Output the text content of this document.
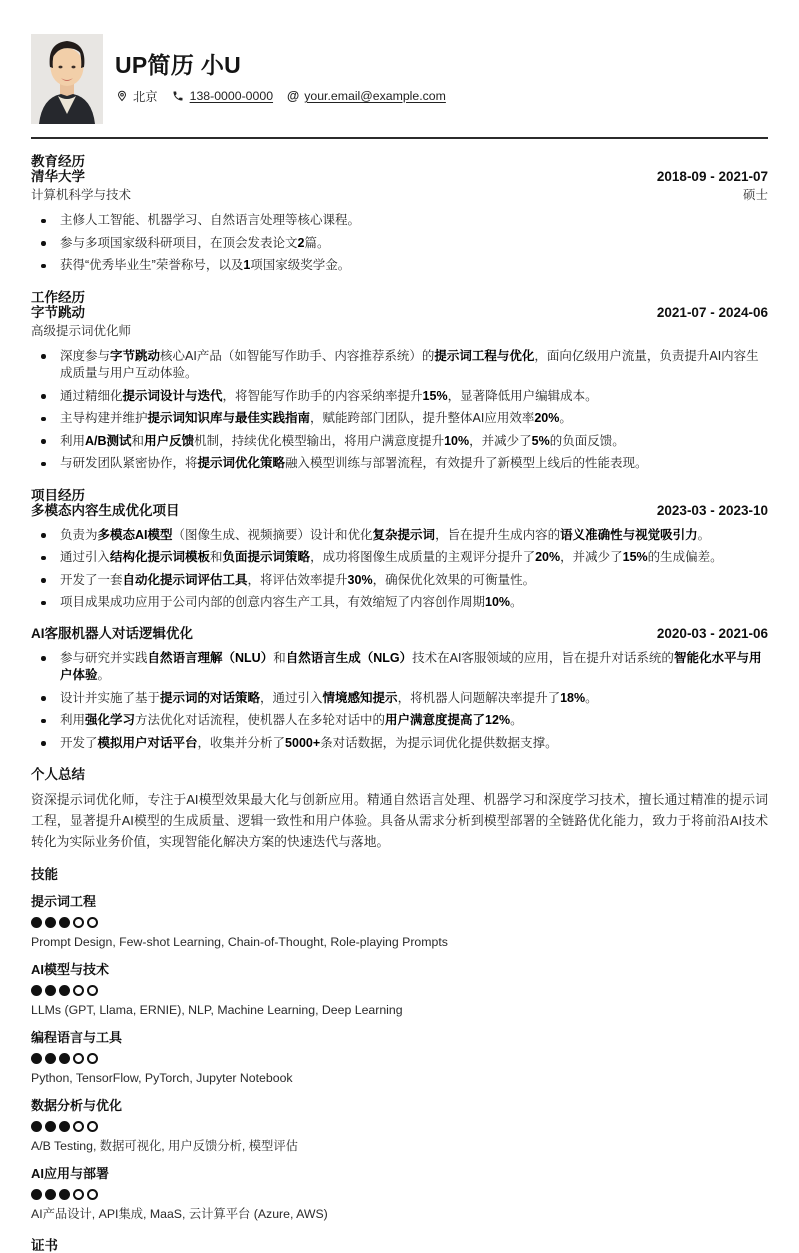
UP简历 小U
北京	138-0000-0000 @ your.email@example.com
教育经历
清华大学	2018-09 - 2021-07
计算机科学与技术	硕士
主修人工智能、机器学习、自然语言处理等核心课程。
参与多项国家级科研项目，在顶会发表论文2篇。
获得“优秀毕业生”荣誉称号，以及1项国家级奖学金。
工作经历
字节跳动	2021-07 - 2024-06
高级提示词优化师
深度参与字节跳动核心AI产品（如智能写作助手、内容推荐系统）的提示词工程与优化，面向亿级用户流量，负责提升AI内容生成质量与用户互动体验。
通过精细化提示词设计与迭代，将智能写作助手的内容采纳率提升15%，显著降低用户编辑成本。
主导构建并维护提示词知识库与最佳实践指南，赋能跨部门团队，提升整体AI应用效率20%。
利用A/B测试和用户反馈机制，持续优化模型输出，将用户满意度提升10%，并减少了5%的负面反馈。
与研发团队紧密协作，将提示词优化策略融入模型训练与部署流程，有效提升了新模型上线后的性能表现。
项目经历
多模态内容生成优化项目	2023-03 - 2023-10
负责为多模态AI模型（图像生成、视频摘要）设计和优化复杂提示词，旨在提升生成内容的语义准确性与视觉吸引力。
通过引入结构化提示词模板和负面提示词策略，成功将图像生成质量的主观评分提升了20%，并减少了15%的生成偏差。
开发了一套自动化提示词评估工具，将评估效率提升30%，确保优化效果的可衡量性。
项目成果成功应用于公司内部的创意内容生产工具，有效缩短了内容创作周期10%。
AI客服机器人对话逻辑优化	2020-03 - 2021-06
参与研究并实践自然语言理解（NLU）和自然语言生成（NLG）技术在AI客服领域的应用，旨在提升对话系统的智能化水平与用户体验。
设计并实施了基于提示词的对话策略，通过引入情境感知提示，将机器人问题解决率提升了18%。
利用强化学习方法优化对话流程，使机器人在多轮对话中的用户满意度提高了12%。
开发了模拟用户对话平台，收集并分析了5000+条对话数据，为提示词优化提供数据支撑。
个人总结
资深提示词优化师，专注于AI模型效果最大化与创新应用。精通自然语言处理、机器学习和深度学习技术，擅长通过精准的提示词工程，显著提升AI模型的生成质量、逻辑一致性和用户体验。具备从需求分析到模型部署的全链路优化能力，致力于将前沿AI技术转化为实际业务价值，实现智能化解决方案的快速迭代与落地。
技能
提示词工程
Prompt Design, Few-shot Learning, Chain-of-Thought, Role-playing Prompts
AI模型与技术
LLMs (GPT, Llama, ERNIE), NLP, Machine Learning, Deep Learning
编程语言与工具
Python, TensorFlow, PyTorch, Jupyter Notebook
数据分析与优化
A/B Testing, 数据可视化, 用户反馈分析, 模型评估
AI应用与部署
AI产品设计, API集成, MaaS, 云计算平台 (Azure, AWS)
证书
